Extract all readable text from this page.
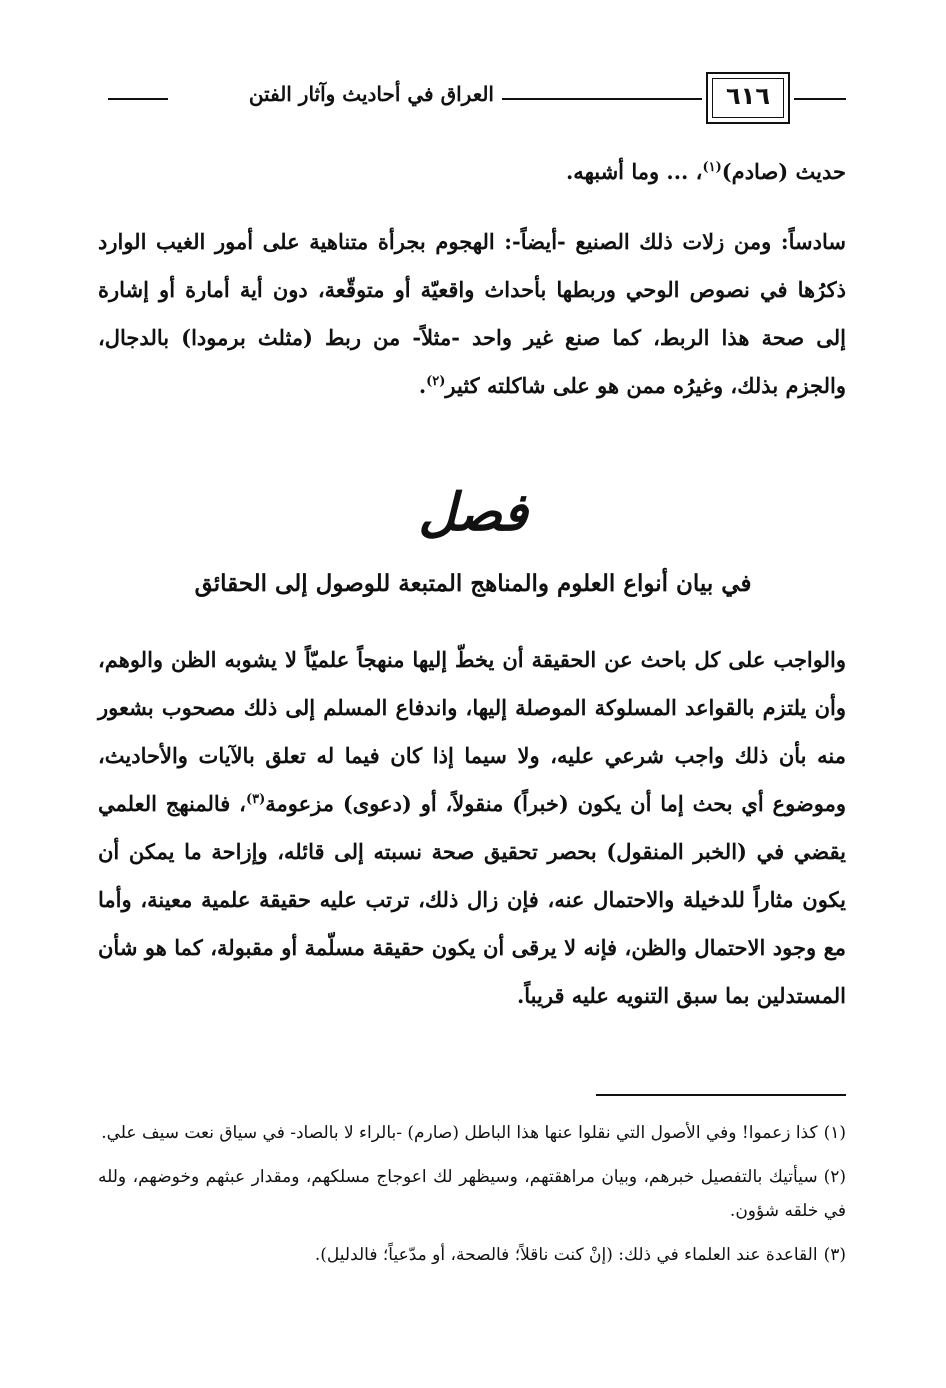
٦١٦
العراق في أحاديث وآثار الفتن
حديث (صادم)$^{(١)}$، ... وما أشبهه.
سادساً: ومن زلات ذلك الصنيع -أيضاً-: الهجوم بجرأة متناهية على أمور الغيب الوارد ذكرُها في نصوص الوحي وربطها بأحداث واقعيّة أو متوقّعة، دون أية أمارة أو إشارة إلى صحة هذا الربط، كما صنع غير واحد -مثلاً- من ربط (مثلث برمودا) بالدجال، والجزم بذلك، وغيرُه ممن هو على شاكلته كثير$^{(٢)}$.
فصل
في بيان أنواع العلوم والمناهج المتبعة للوصول إلى الحقائق
والواجب على كل باحث عن الحقيقة أن يخطّ إليها منهجاً علميّاً لا يشوبه الظن والوهم، وأن يلتزم بالقواعد المسلوكة الموصلة إليها، واندفاع المسلم إلى ذلك مصحوب بشعور منه بأن ذلك واجب شرعي عليه، ولا سيما إذا كان فيما له تعلق بالآيات والأحاديث، وموضوع أي بحث إما أن يكون (خبراً) منقولاً، أو (دعوى) مزعومة$^{(٣)}$، فالمنهج العلمي يقضي في (الخبر المنقول) بحصر تحقيق صحة نسبته إلى قائله، وإزاحة ما يمكن أن يكون مثاراً للدخيلة والاحتمال عنه، فإن زال ذلك، ترتب عليه حقيقة علمية معينة، وأما مع وجود الاحتمال والظن، فإنه لا يرقى أن يكون حقيقة مسلّمة أو مقبولة، كما هو شأن المستدلين بما سبق التنويه عليه قريباً.
(١)كذا زعموا! وفي الأصول التي نقلوا عنها هذا الباطل (صارم) -بالراء لا بالصاد- في سياق نعت سيف علي.
(٢)سيأتيك بالتفصيل خبرهم، وبيان مراهقتهم، وسيظهر لك اعوجاج مسلكهم، ومقدار عبثهم وخوضهم، ولله في خلقه شؤون.
(٣)القاعدة عند العلماء في ذلك: (إنْ كنت ناقلاً؛ فالصحة، أو مدّعياً؛ فالدليل).
